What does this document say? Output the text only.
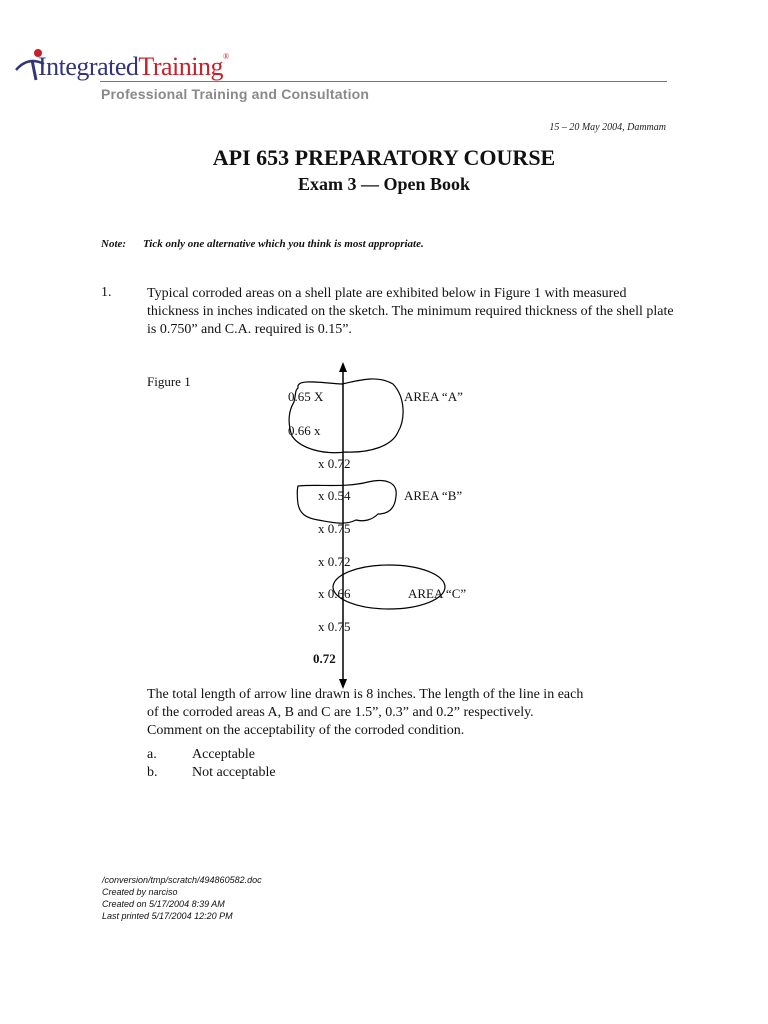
IntegratedTraining®
Professional Training and Consultation
15 – 20 May 2004, Dammam
API 653 PREPARATORY COURSE
Exam 3 — Open Book
Note: Tick only one alternative which you think is most appropriate.
1.	Typical corroded areas on a shell plate are exhibited below in Figure 1 with measured thickness in inches indicated on the sketch. The minimum required thickness of the shell plate is 0.750” and C.A. required is 0.15”.
Figure 1
0.65 X
0.66 x
x 0.72
x 0.54
x 0.75
x 0.72
x 0.66
x 0.75
0.72
AREA “A”
AREA “B”
AREA “C”
The total length of arrow line drawn is 8 inches. The length of the line in each
of the corroded areas A, B and C are 1.5”, 0.3” and 0.2” respectively.
Comment on the acceptability of the corroded condition.
a.	Acceptable
b. Not acceptable
/conversion/tmp/scratch/494860582.doc
Created by narciso
Created on 5/17/2004 8:39 AM
Last printed 5/17/2004 12:20 PM
